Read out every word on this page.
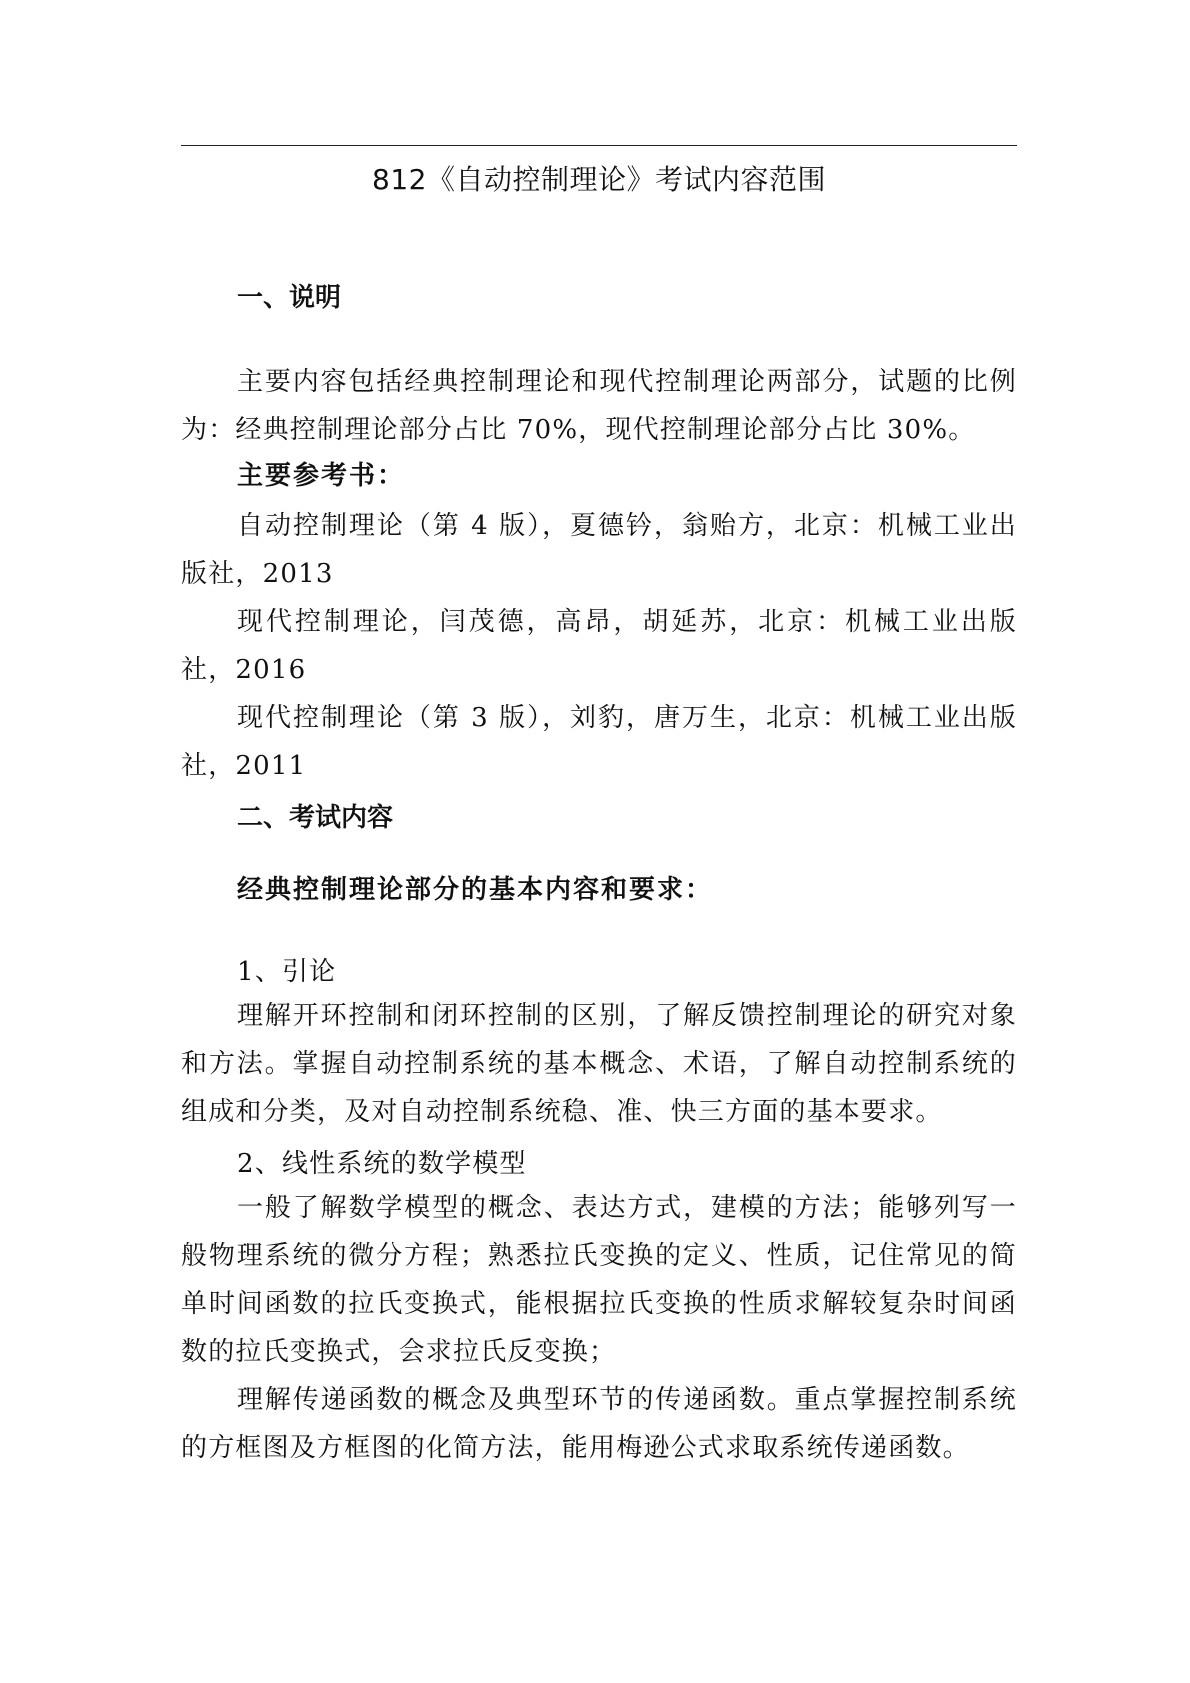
812《自动控制理论》考试内容范围
一、说明

主要内容包括经典控制理论和现代控制理论两部分，试题的比例为：经典控制理论部分占比 70%，现代控制理论部分占比 30%。

主要参考书：

自动控制理论（第 4 版），夏德钤，翁贻方，北京：机械工业出版社，2013

现代控制理论，闫茂德，高昂，胡延苏，北京：机械工业出版社，2016

现代控制理论（第 3 版），刘豹，唐万生，北京：机械工业出版社，2011

二、考试内容
经典控制理论部分的基本内容和要求：
1、引论

理解开环控制和闭环控制的区别，了解反馈控制理论的研究对象和方法。掌握自动控制系统的基本概念、术语，了解自动控制系统的组成和分类，及对自动控制系统稳、准、快三方面的基本要求。

2、线性系统的数学模型

一般了解数学模型的概念、表达方式，建模的方法；能够列写一般物理系统的微分方程；熟悉拉氏变换的定义、性质，记住常见的简单时间函数的拉氏变换式，能根据拉氏变换的性质求解较复杂时间函数的拉氏变换式，会求拉氏反变换；

理解传递函数的概念及典型环节的传递函数。重点掌握控制系统的方框图及方框图的化简方法，能用梅逊公式求取系统传递函数。
